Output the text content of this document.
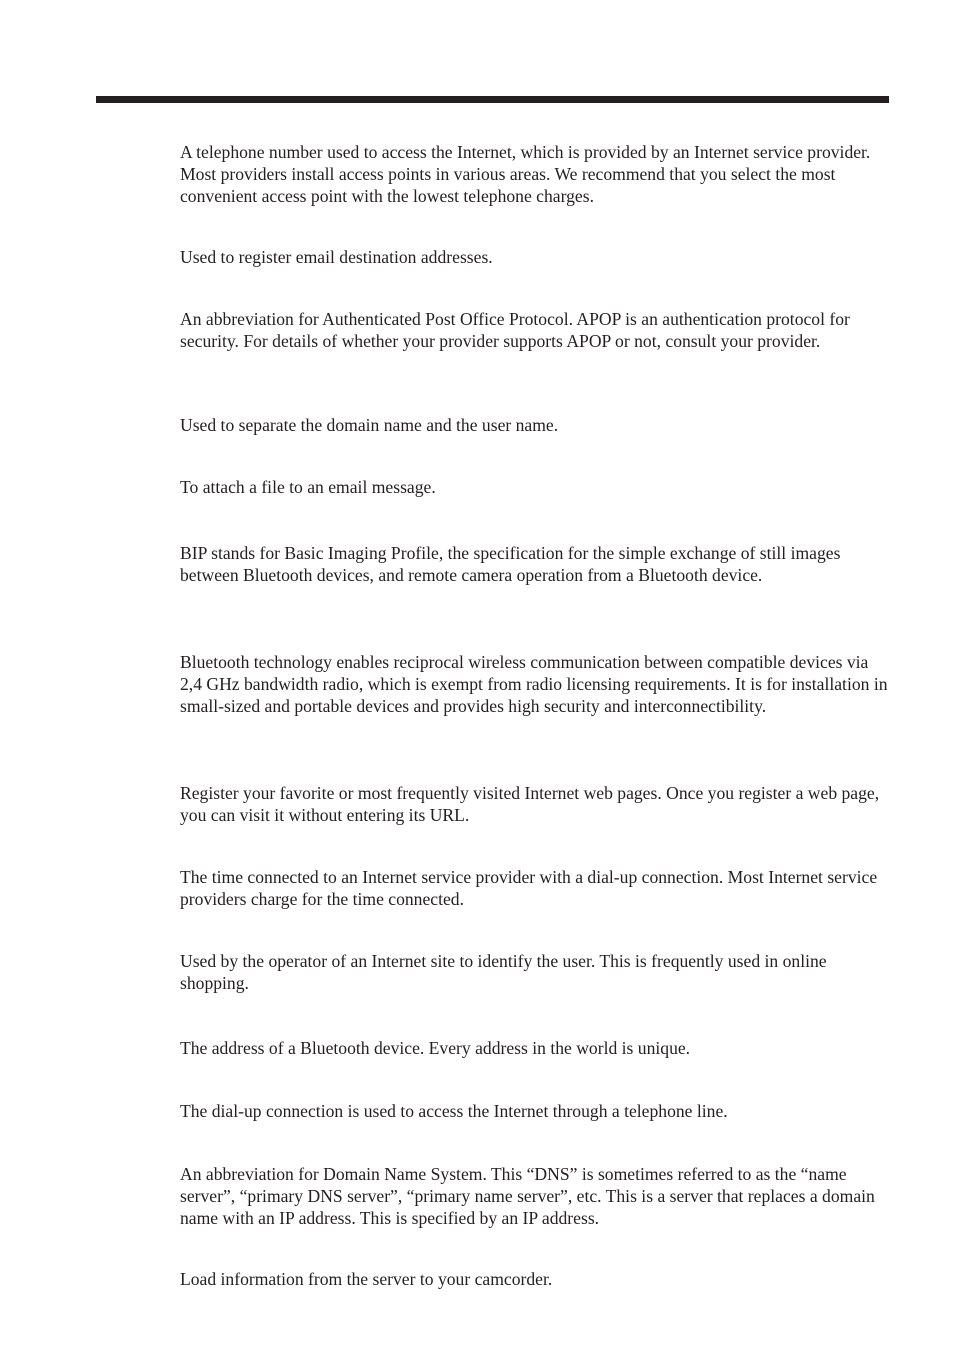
A telephone number used to access the Internet, which is provided by an Internet service provider. Most providers install access points in various areas. We recommend that you select the most convenient access point with the lowest telephone charges.

Used to register email destination addresses.

An abbreviation for Authenticated Post Office Protocol. APOP is an authentication protocol for security. For details of whether your provider supports APOP or not, consult your provider.

Used to separate the domain name and the user name.

To attach a file to an email message.

BIP stands for Basic Imaging Profile, the specification for the simple exchange of still images between Bluetooth devices, and remote camera operation from a Bluetooth device.

Bluetooth technology enables reciprocal wireless communication between compatible devices via 2,4 GHz bandwidth radio, which is exempt from radio licensing requirements. It is for installation in small-sized and portable devices and provides high security and interconnectibility.

Register your favorite or most frequently visited Internet web pages. Once you register a web page, you can visit it without entering its URL.

The time connected to an Internet service provider with a dial-up connection. Most Internet service providers charge for the time connected.

Used by the operator of an Internet site to identify the user. This is frequently used in online shopping.

The address of a Bluetooth device. Every address in the world is unique.

The dial-up connection is used to access the Internet through a telephone line.

An abbreviation for Domain Name System. This “DNS” is sometimes referred to as the “name server”, “primary DNS server”, “primary name server”, etc. This is a server that replaces a domain name with an IP address. This is specified by an IP address.

Load information from the server to your camcorder.
